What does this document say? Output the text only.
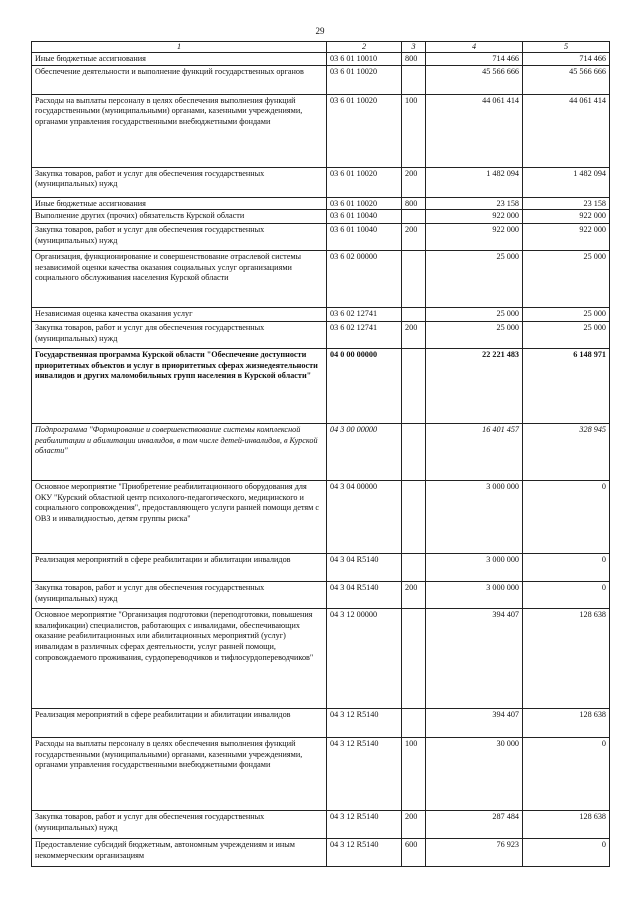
29
1	2	3	4	5
Иные бюджетные ассигнования	03 6 01 10010	800	714 466	714 466
Обеспечение деятельности и выполнение функций государственных органов	03 6 01 10020		45 566 666	45 566 666
Расходы на выплаты персоналу в целях обеспечения выполнения функций государственными (муниципальными) органами, казенными учреждениями, органами управления государственными внебюджетными фондами	03 6 01 10020	100	44 061 414	44 061 414
Закупка товаров, работ и услуг для обеспечения государственных (муниципальных) нужд	03 6 01 10020	200	1 482 094	1 482 094
Иные бюджетные ассигнования	03 6 01 10020	800	23 158	23 158
Выполнение других (прочих) обязательств Курской области	03 6 01 10040		922 000	922 000
Закупка товаров, работ и услуг для обеспечения государственных (муниципальных) нужд	03 6 01 10040	200	922 000	922 000
Организация, функционирование и совершенствование отраслевой системы независимой оценки качества оказания социальных услуг организациями социального обслуживания населения Курской области	03 6 02 00000		25 000	25 000
Независимая оценка качества оказания услуг	03 6 02 12741		25 000	25 000
Закупка товаров, работ и услуг для обеспечения государственных (муниципальных) нужд	03 6 02 12741	200	25 000	25 000
Государственная программа Курской области "Обеспечение доступности приоритетных объектов и услуг в приоритетных сферах жизнедеятельности инвалидов и других маломобильных групп населения в Курской области"	04 0 00 00000		22 221 483	6 148 971
Подпрограмма "Формирование и совершенствование системы комплексной реабилитации и абилитации инвалидов, в том числе детей-инвалидов, в Курской области"	04 3 00 00000		16 401 457	328 945
Основное мероприятие "Приобретение реабилитационного оборудования для ОКУ "Курский областной центр психолого-педагогического, медицинского и социального сопровождения", предоставляющего услуги ранней помощи детям с ОВЗ и инвалидностью, детям группы риска"	04 3 04 00000		3 000 000	0
Реализация мероприятий в сфере реабилитации и абилитации инвалидов	04 3 04 R5140		3 000 000	0
Закупка товаров, работ и услуг для обеспечения государственных (муниципальных) нужд	04 3 04 R5140	200	3 000 000	0
Основное мероприятие "Организация подготовки (переподготовки, повышения квалификации) специалистов, работающих с инвалидами, обеспечивающих оказание реабилитационных или абилитационных мероприятий (услуг) инвалидам в различных сферах деятельности, услуг ранней помощи, сопровождаемого проживания, сурдопереводчиков и тифлосурдопереводчиков"	04 3 12 00000		394 407	128 638
Реализация мероприятий в сфере реабилитации и абилитации инвалидов	04 3 12 R5140		394 407	128 638
Расходы на выплаты персоналу в целях обеспечения выполнения функций государственными (муниципальными) органами, казенными учреждениями, органами управления государственными внебюджетными фондами	04 3 12 R5140	100	30 000	0
Закупка товаров, работ и услуг для обеспечения государственных (муниципальных) нужд	04 3 12 R5140	200	287 484	128 638
Предоставление субсидий бюджетным, автономным учреждениям и иным некоммерческим организациям	04 3 12 R5140	600	76 923	0
